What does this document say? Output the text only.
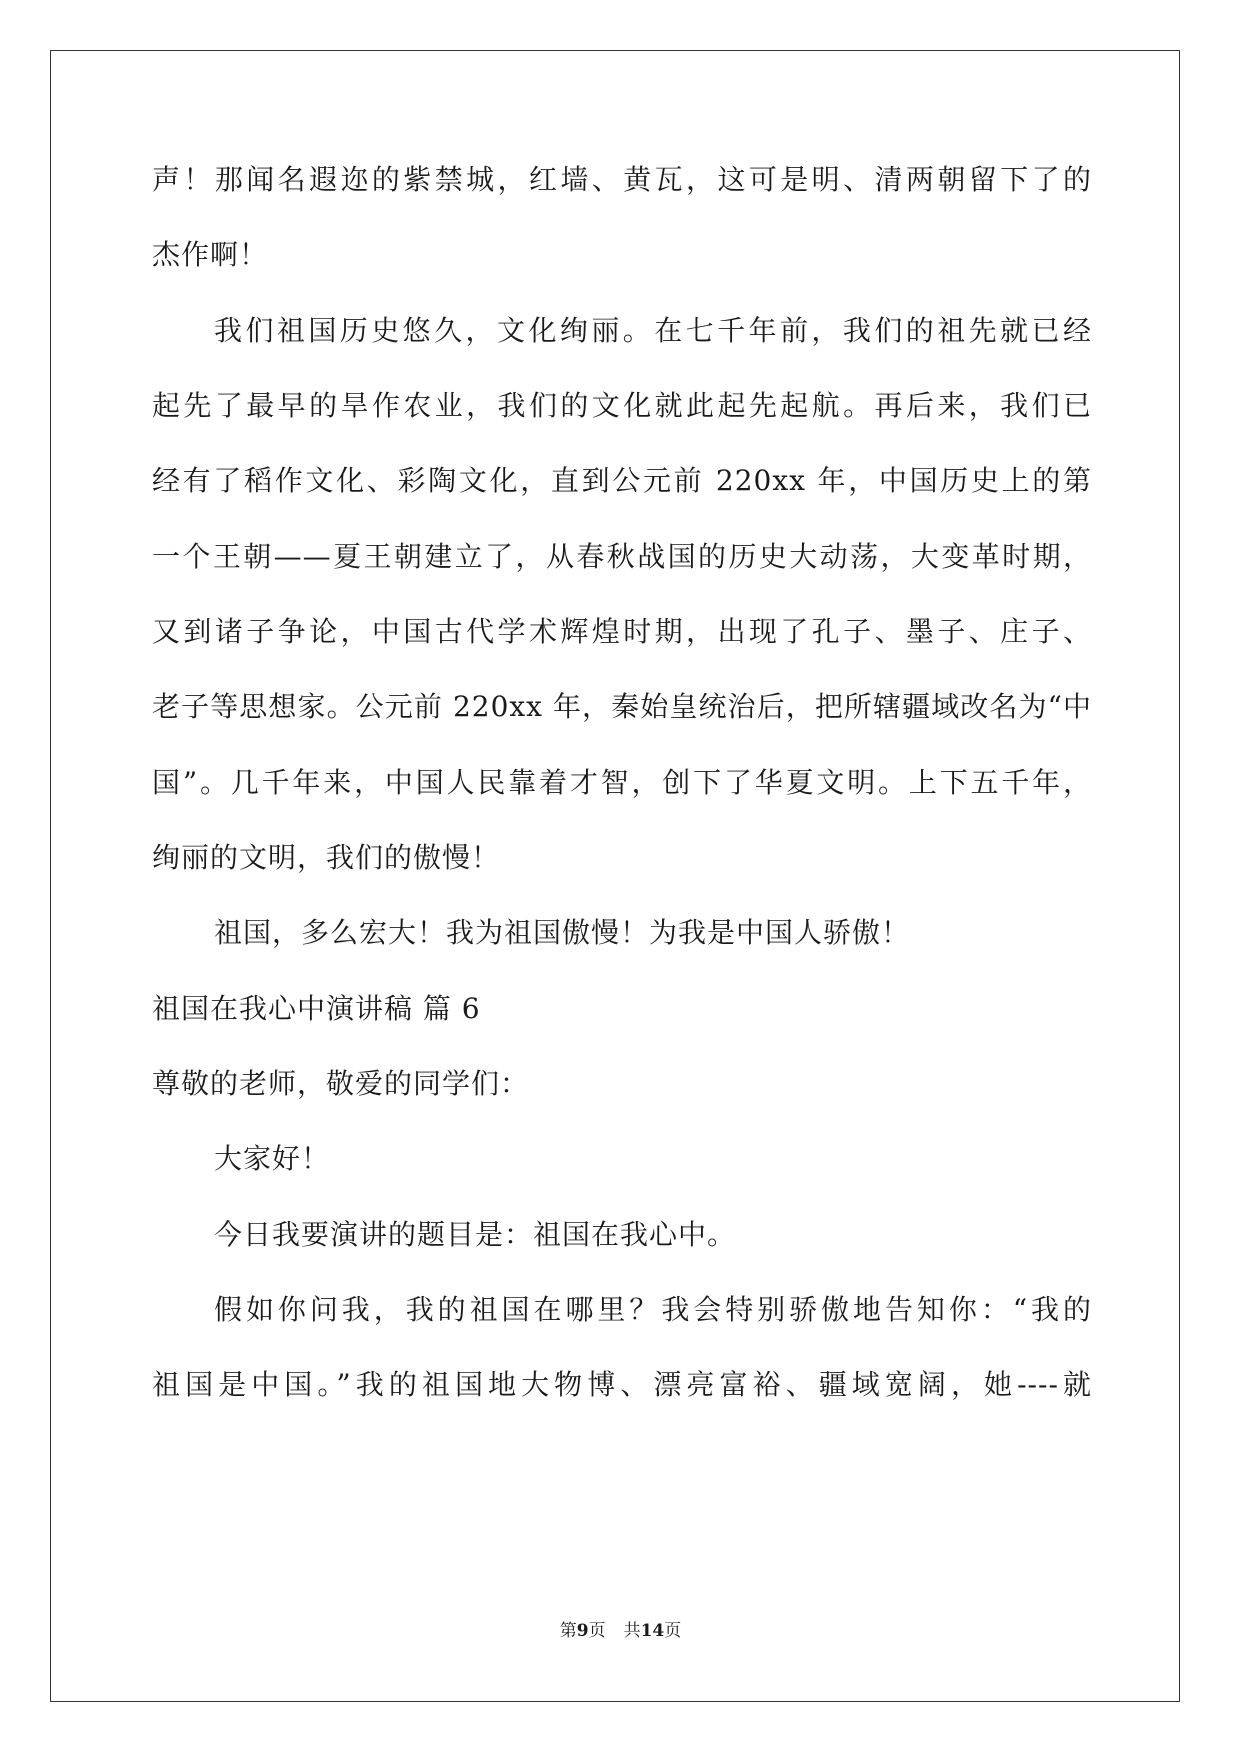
声！那闻名遐迩的紫禁城，红墙、黄瓦，这可是明、清两朝留下了的
杰作啊！
我们祖国历史悠久，文化绚丽。在七千年前，我们的祖先就已经
起先了最早的旱作农业，我们的文化就此起先起航。再后来，我们已
经有了稻作文化、彩陶文化，直到公元前 220xx 年，中国历史上的第
一个王朝——夏王朝建立了，从春秋战国的历史大动荡，大变革时期，
又到诸子争论，中国古代学术辉煌时期，出现了孔子、墨子、庄子、
老子等思想家。公元前 220xx 年，秦始皇统治后，把所辖疆域改名为“中
国”。几千年来，中国人民靠着才智，创下了华夏文明。上下五千年，
绚丽的文明，我们的傲慢！
祖国，多么宏大！我为祖国傲慢！为我是中国人骄傲！
祖国在我心中演讲稿 篇 6
尊敬的老师，敬爱的同学们：
大家好！
今日我要演讲的题目是：祖国在我心中。
假如你问我，我的祖国在哪里？我会特别骄傲地告知你：“我的
祖国是中国。”我的祖国地大物博、漂亮富裕、疆域宽阔，她----就
第9页 共14页
